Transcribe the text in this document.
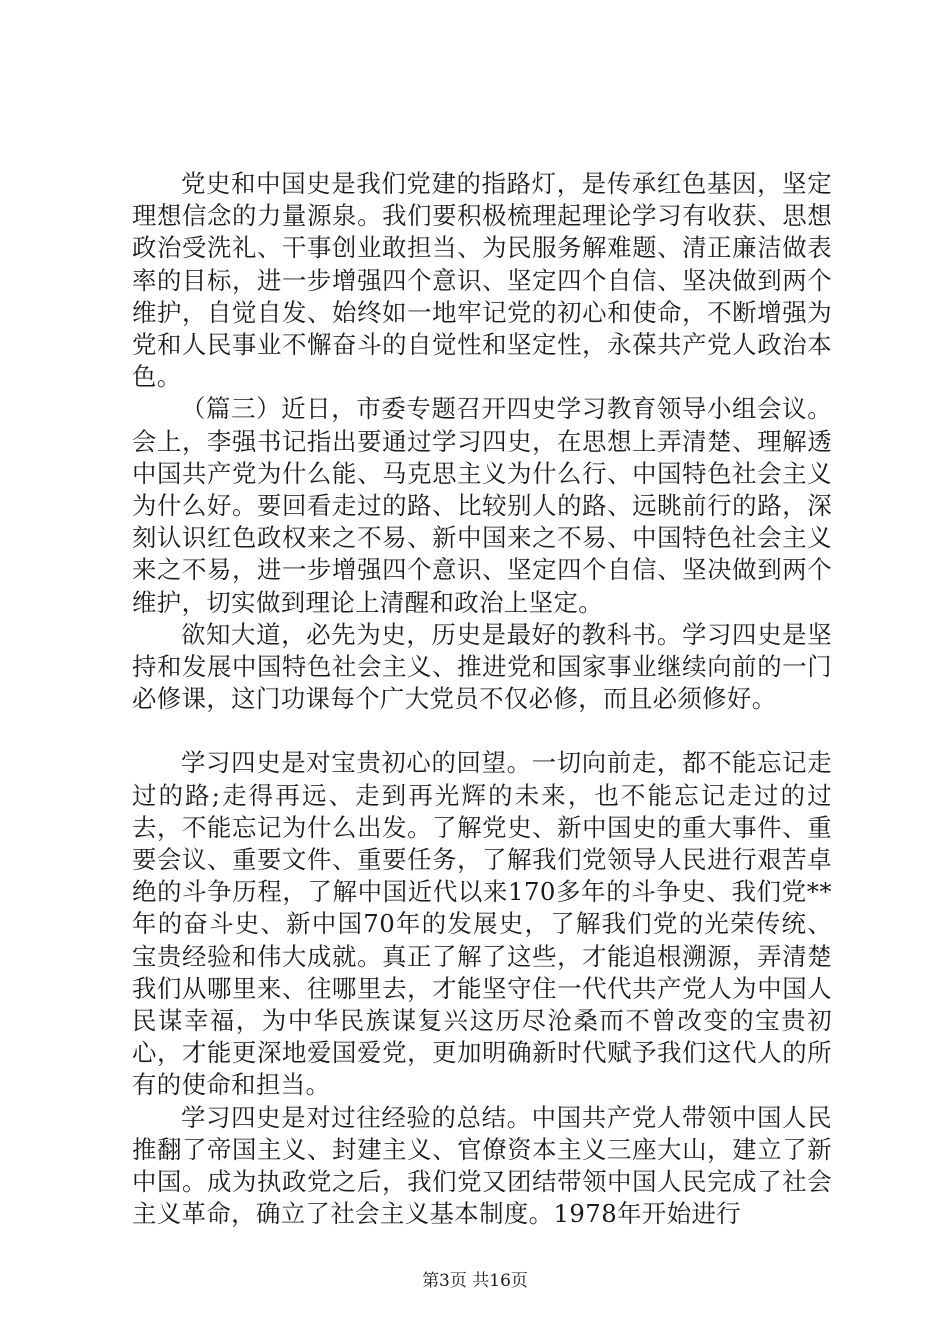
党史和中国史是我们党建的指路灯，是传承红色基因，坚定理想信念的力量源泉。我们要积极梳理起理论学习有收获、思想政治受洗礼、干事创业敢担当、为民服务解难题、清正廉洁做表率的目标，进一步增强四个意识、坚定四个自信、坚决做到两个维护，自觉自发、始终如一地牢记党的初心和使命，不断增强为党和人民事业不懈奋斗的自觉性和坚定性，永葆共产党人政治本色。

（篇三）近日，市委专题召开四史学习教育领导小组会议。会上，李强书记指出要通过学习四史，在思想上弄清楚、理解透中国共产党为什么能、马克思主义为什么行、中国特色社会主义为什么好。要回看走过的路、比较别人的路、远眺前行的路，深刻认识红色政权来之不易、新中国来之不易、中国特色社会主义来之不易，进一步增强四个意识、坚定四个自信、坚决做到两个维护，切实做到理论上清醒和政治上坚定。

欲知大道，必先为史，历史是最好的教科书。学习四史是坚持和发展中国特色社会主义、推进党和国家事业继续向前的一门必修课，这门功课每个广大党员不仅必修，而且必须修好。

学习四史是对宝贵初心的回望。一切向前走，都不能忘记走过的路;走得再远、走到再光辉的未来，也不能忘记走过的过去，不能忘记为什么出发。了解党史、新中国史的重大事件、重要会议、重要文件、重要任务，了解我们党领导人民进行艰苦卓绝的斗争历程，了解中国近代以来170多年的斗争史、我们党**年的奋斗史、新中国70年的发展史，了解我们党的光荣传统、宝贵经验和伟大成就。真正了解了这些，才能追根溯源，弄清楚我们从哪里来、往哪里去，才能坚守住一代代共产党人为中国人民谋幸福，为中华民族谋复兴这历尽沧桑而不曾改变的宝贵初心，才能更深地爱国爱党，更加明确新时代赋予我们这代人的所有的使命和担当。

学习四史是对过往经验的总结。中国共产党人带领中国人民推翻了帝国主义、封建主义、官僚资本主义三座大山，建立了新中国。成为执政党之后，我们党又团结带领中国人民完成了社会主义革命，确立了社会主义基本制度。1978年开始进行

第3页 共16页
